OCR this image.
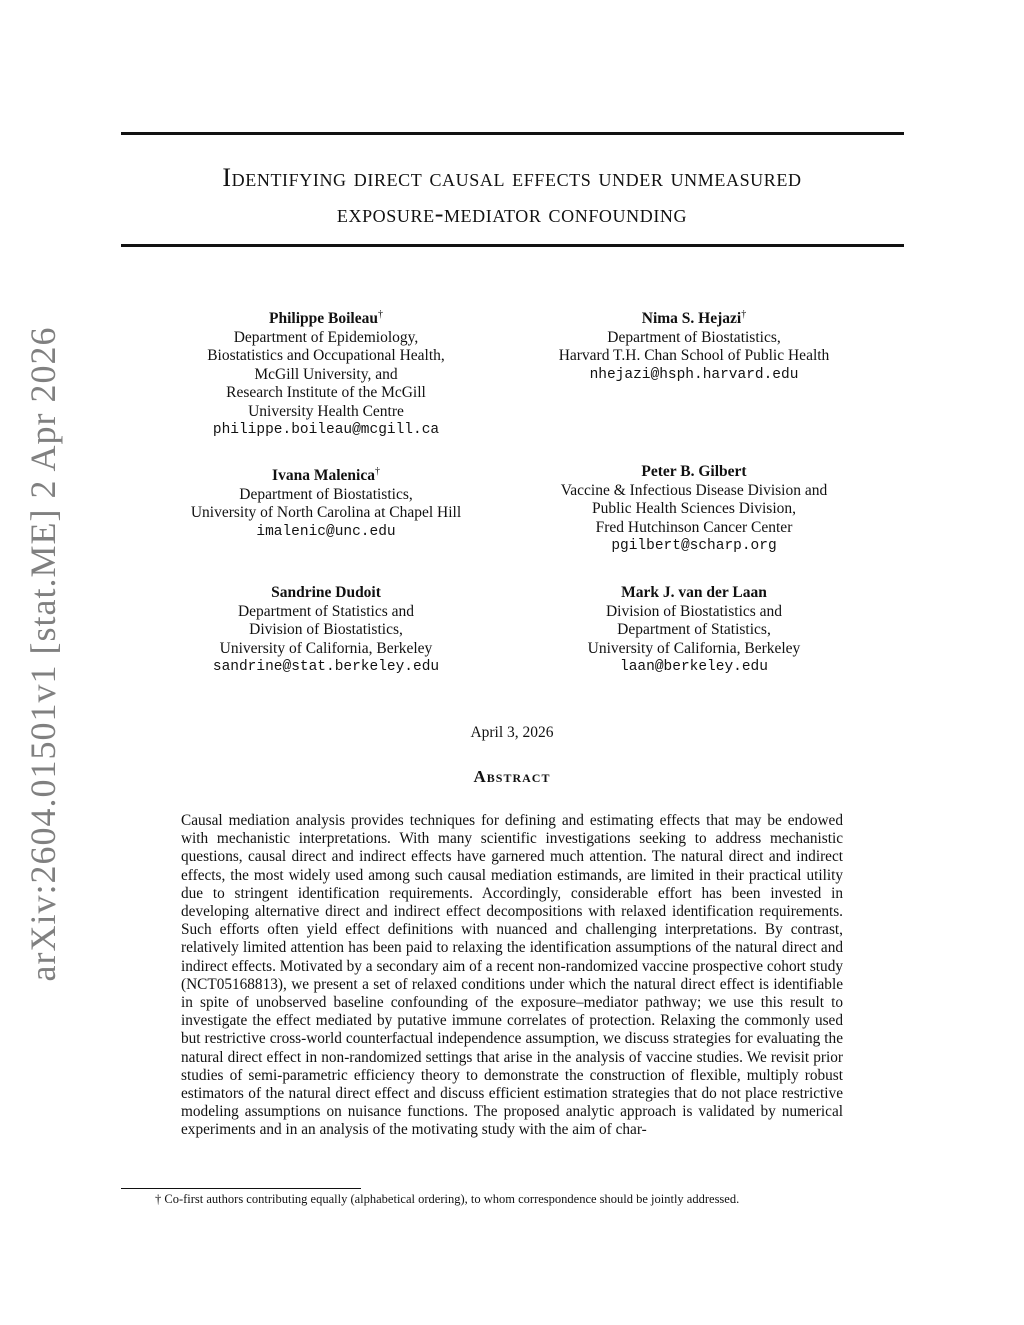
arXiv:2604.01501v1 [stat.ME] 2 Apr 2026
Identifying direct causal effects under unmeasured
exposure-mediator confounding
Philippe Boileau†
Department of Epidemiology,
Biostatistics and Occupational Health,
McGill University, and
Research Institute of the McGill
University Health Centre
philippe.boileau@mcgill.ca
Nima S. Hejazi†
Department of Biostatistics,
Harvard T.H. Chan School of Public Health
nhejazi@hsph.harvard.edu
Ivana Malenica†
Department of Biostatistics,
University of North Carolina at Chapel Hill
imalenic@unc.edu
Peter B. Gilbert
Vaccine & Infectious Disease Division and
Public Health Sciences Division,
Fred Hutchinson Cancer Center
pgilbert@scharp.org
Sandrine Dudoit
Department of Statistics and
Division of Biostatistics,
University of California, Berkeley
sandrine@stat.berkeley.edu
Mark J. van der Laan
Division of Biostatistics and
Department of Statistics,
University of California, Berkeley
laan@berkeley.edu
April 3, 2026
Abstract
Causal mediation analysis provides techniques for defining and estimating effects that may be endowed with mechanistic interpretations. With many scientific investigations seeking to address mechanistic questions, causal direct and indirect effects have garnered much attention. The natural direct and indirect effects, the most widely used among such causal mediation estimands, are limited in their practical utility due to stringent identification requirements. Accordingly, considerable effort has been invested in developing alternative direct and indirect effect decompositions with relaxed identification requirements. Such efforts often yield effect definitions with nuanced and challenging interpretations. By contrast, relatively limited attention has been paid to relaxing the identification assumptions of the natural direct and indirect effects. Motivated by a secondary aim of a recent non-randomized vaccine prospective cohort study (NCT05168813), we present a set of relaxed conditions under which the natural direct effect is identifiable in spite of unobserved baseline confounding of the exposure–mediator pathway; we use this result to investigate the effect mediated by putative immune correlates of protection. Relaxing the commonly used but restrictive cross-world counterfactual independence assumption, we discuss strategies for evaluating the natural direct effect in non-randomized settings that arise in the analysis of vaccine studies. We revisit prior studies of semi-parametric efficiency theory to demonstrate the construction of flexible, multiply robust estimators of the natural direct effect and discuss efficient estimation strategies that do not place restrictive modeling assumptions on nuisance functions. The proposed analytic approach is validated by numerical experiments and in an analysis of the motivating study with the aim of char-
† Co-first authors contributing equally (alphabetical ordering), to whom correspondence should be jointly addressed.
